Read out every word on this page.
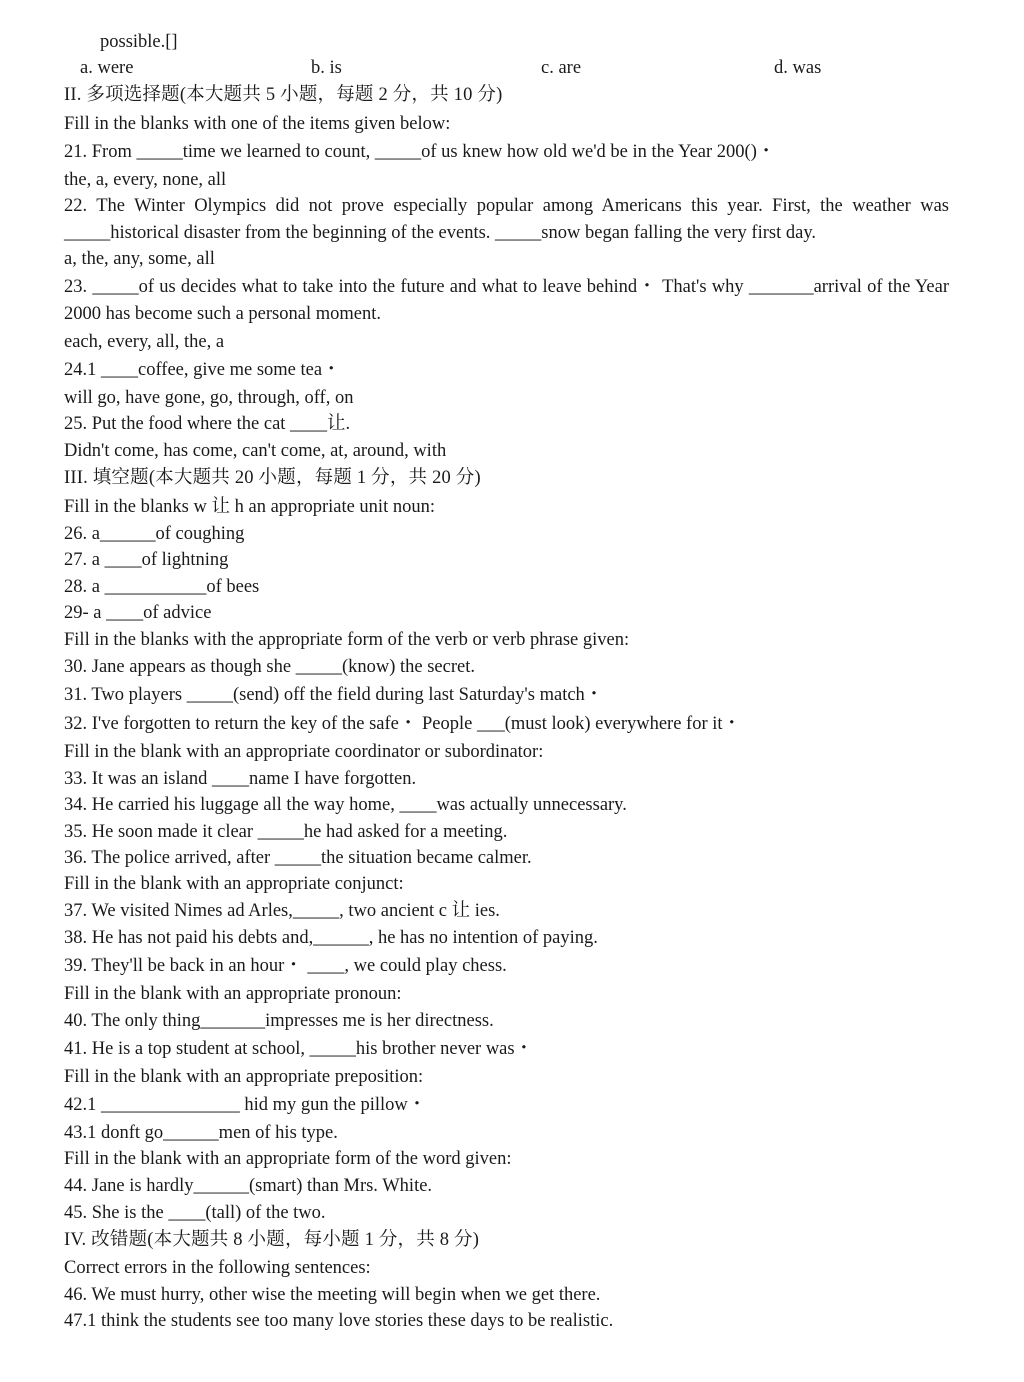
possible.[]
a. were	b. is	c. are	d. was
II. 多项选择题(本大题共 5 小题，每题 2 分，共 10 分)
Fill in the blanks with one of the items given below:
21. From _____time we learned to count, _____of us knew how old we'd be in the Year 200()・
the, a, every, none, all
22. The Winter Olympics did not prove especially popular among Americans this year. First, the weather was _____historical disaster from the beginning of the events. _____snow began falling the very first day.
a, the, any, some, all
23. _____of us decides what to take into the future and what to leave behind・ That's why _______arrival of the Year 2000 has become such a personal moment.
each, every, all, the, a
24.1 ____coffee, give me some tea・
will go, have gone, go, through, off, on
25. Put the food where the cat ____让.
Didn't come, has come, can't come, at, around, with
III. 填空题(本大题共 20 小题，每题 1 分，共 20 分)
Fill in the blanks w 让 h an appropriate unit noun:
26. a______of coughing
27. a ____of lightning
28. a ___________of bees
29- a ____of advice
Fill in the blanks with the appropriate form of the verb or verb phrase given:
30. Jane appears as though she _____(know) the secret.
31. Two players _____(send) off the field during last Saturday's match・
32. I've forgotten to return the key of the safe・ People ___(must look) everywhere for it・
Fill in the blank with an appropriate coordinator or subordinator:
33. It was an island ____name I have forgotten.
34. He carried his luggage all the way home, ____was actually unnecessary.
35. He soon made it clear _____he had asked for a meeting.
36. The police arrived, after _____the situation became calmer.
Fill in the blank with an appropriate conjunct:
37. We visited Nimes ad Arles,_____, two ancient c 让 ies.
38. He has not paid his debts and,______, he has no intention of paying.
39. They'll be back in an hour・ ____, we could play chess.
Fill in the blank with an appropriate pronoun:
40. The only thing_______impresses me is her directness.
41. He is a top student at school, _____his brother never was・
Fill in the blank with an appropriate preposition:
42.1 _______________ hid my gun the pillow・
43.1 donft go______men of his type.
Fill in the blank with an appropriate form of the word given:
44. Jane is hardly______(smart) than Mrs. White.
45. She is the ____(tall) of the two.
IV. 改错题(本大题共 8 小题，每小题 1 分，共 8 分)
Correct errors in the following sentences:
46. We must hurry, other wise the meeting will begin when we get there.
47.1 think the students see too many love stories these days to be realistic.
